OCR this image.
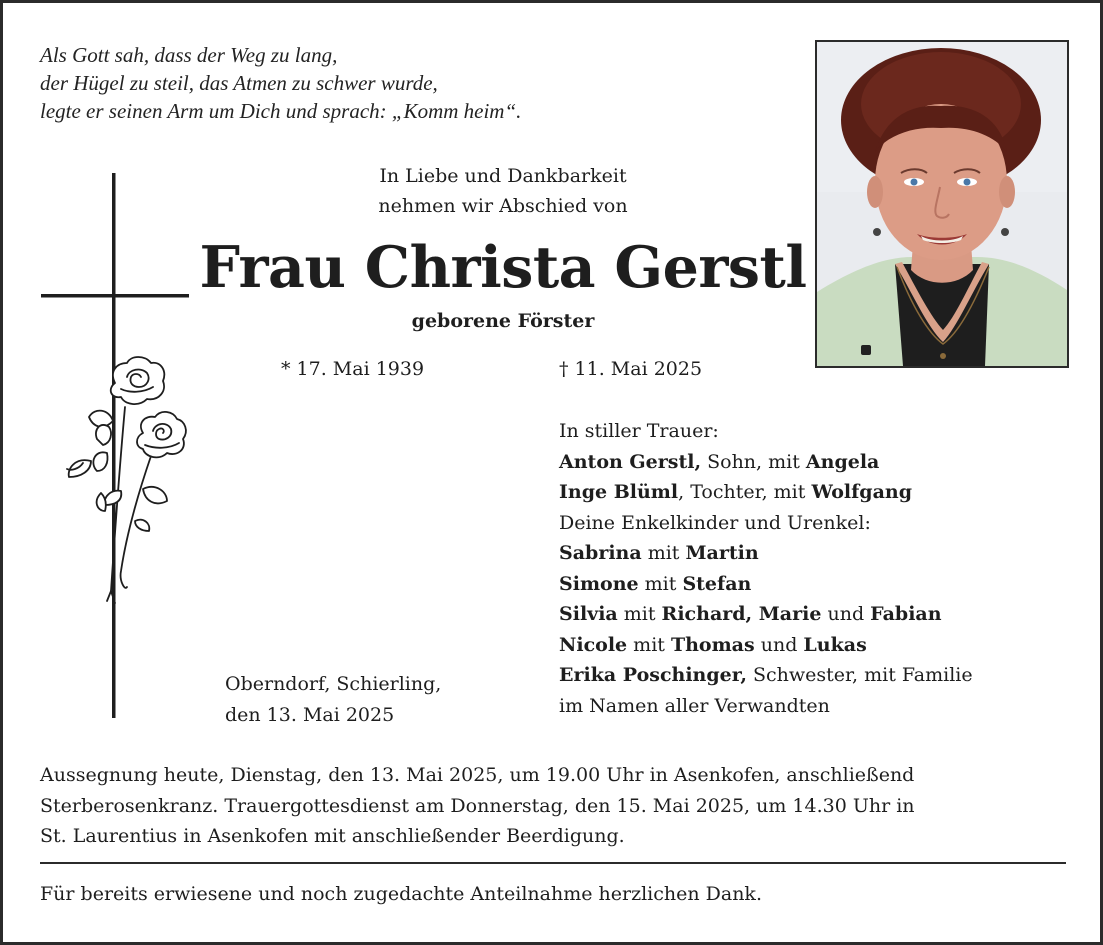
Als Gott sah, dass der Weg zu lang,
der Hügel zu steil, das Atmen zu schwer wurde,
legte er seinen Arm um Dich und sprach: „Komm heim“.
In Liebe und Dankbarkeit
nehmen wir Abschied von
Frau Christa Gerstl
geborene Förster
* 17. Mai 1939	† 11. Mai 2025
In stiller Trauer:
Anton Gerstl, Sohn, mit Angela
Inge Blüml, Tochter, mit Wolfgang
Deine Enkelkinder und Urenkel:
Sabrina mit Martin
Simone mit Stefan
Silvia mit Richard, Marie und Fabian
Nicole mit Thomas und Lukas
Erika Poschinger, Schwester, mit Familie
im Namen aller Verwandten
Oberndorf, Schierling,
den 13. Mai 2025
Aussegnung heute, Dienstag, den 13. Mai 2025, um 19.00 Uhr in Asenkofen, anschließend
Sterberosenkranz. Trauergottesdienst am Donnerstag, den 15. Mai 2025, um 14.30 Uhr in
St. Laurentius in Asenkofen mit anschließender Beerdigung.
Für bereits erwiesene und noch zugedachte Anteilnahme herzlichen Dank.
